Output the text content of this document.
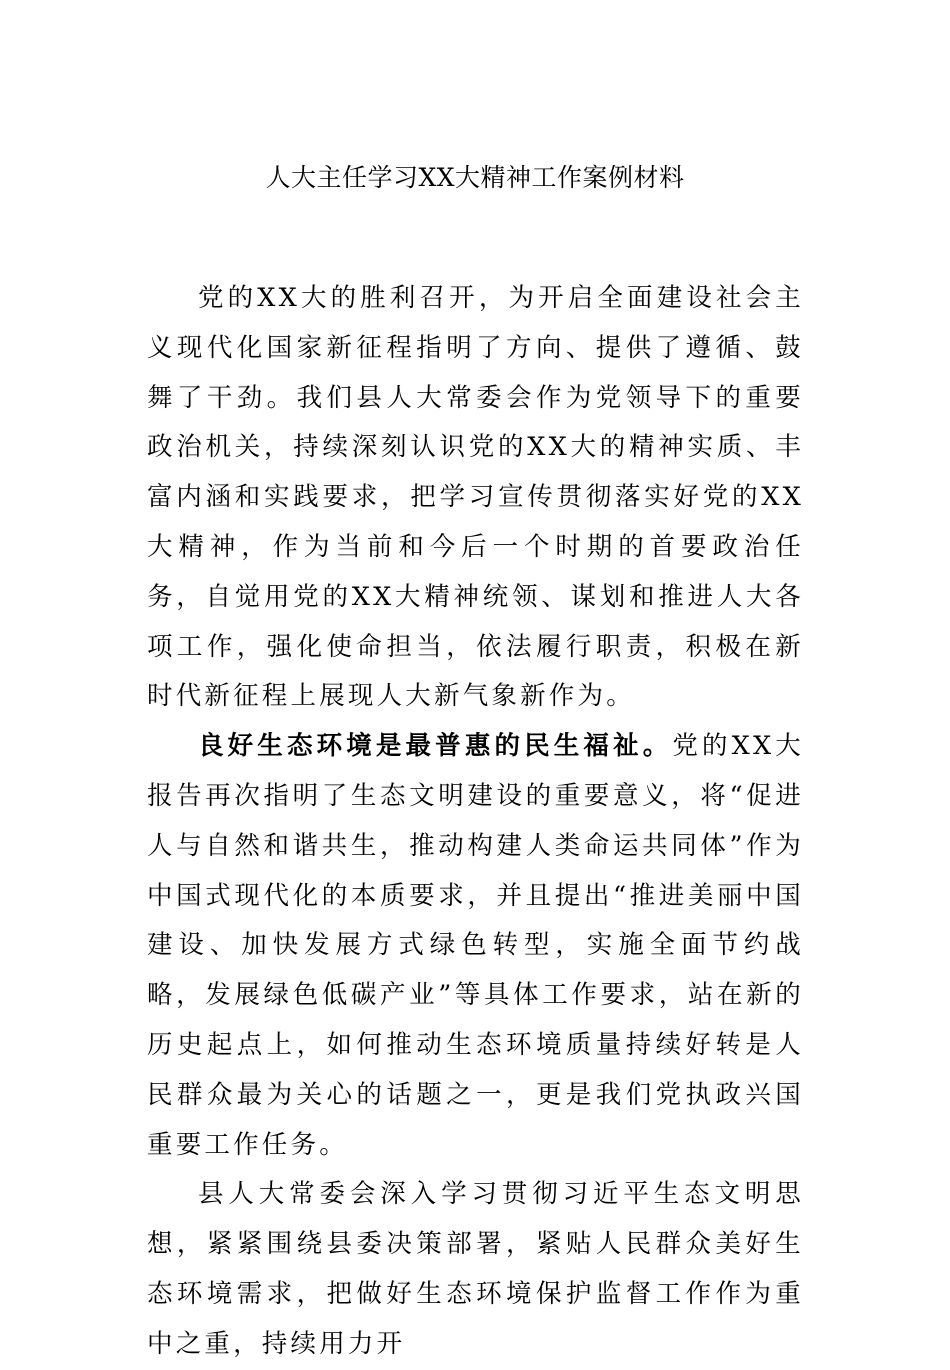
人大主任学习XX大精神工作案例材料

党的XX大的胜利召开，为开启全面建设社会主义现代化国家新征程指明了方向、提供了遵循、鼓舞了干劲。我们县人大常委会作为党领导下的重要政治机关，持续深刻认识党的XX大的精神实质、丰富内涵和实践要求，把学习宣传贯彻落实好党的XX大精神，作为当前和今后一个时期的首要政治任务，自觉用党的XX大精神统领、谋划和推进人大各项工作，强化使命担当，依法履行职责，积极在新时代新征程上展现人大新气象新作为。

良好生态环境是最普惠的民生福祉。党的XX大报告再次指明了生态文明建设的重要意义，将“促进人与自然和谐共生，推动构建人类命运共同体”作为中国式现代化的本质要求，并且提出“推进美丽中国建设、加快发展方式绿色转型，实施全面节约战略，发展绿色低碳产业”等具体工作要求，站在新的历史起点上，如何推动生态环境质量持续好转是人民群众最为关心的话题之一，更是我们党执政兴国重要工作任务。

县人大常委会深入学习贯彻习近平生态文明思想，紧紧围绕县委决策部署，紧贴人民群众美好生态环境需求，把做好生态环境保护监督工作作为重中之重，持续用力开
